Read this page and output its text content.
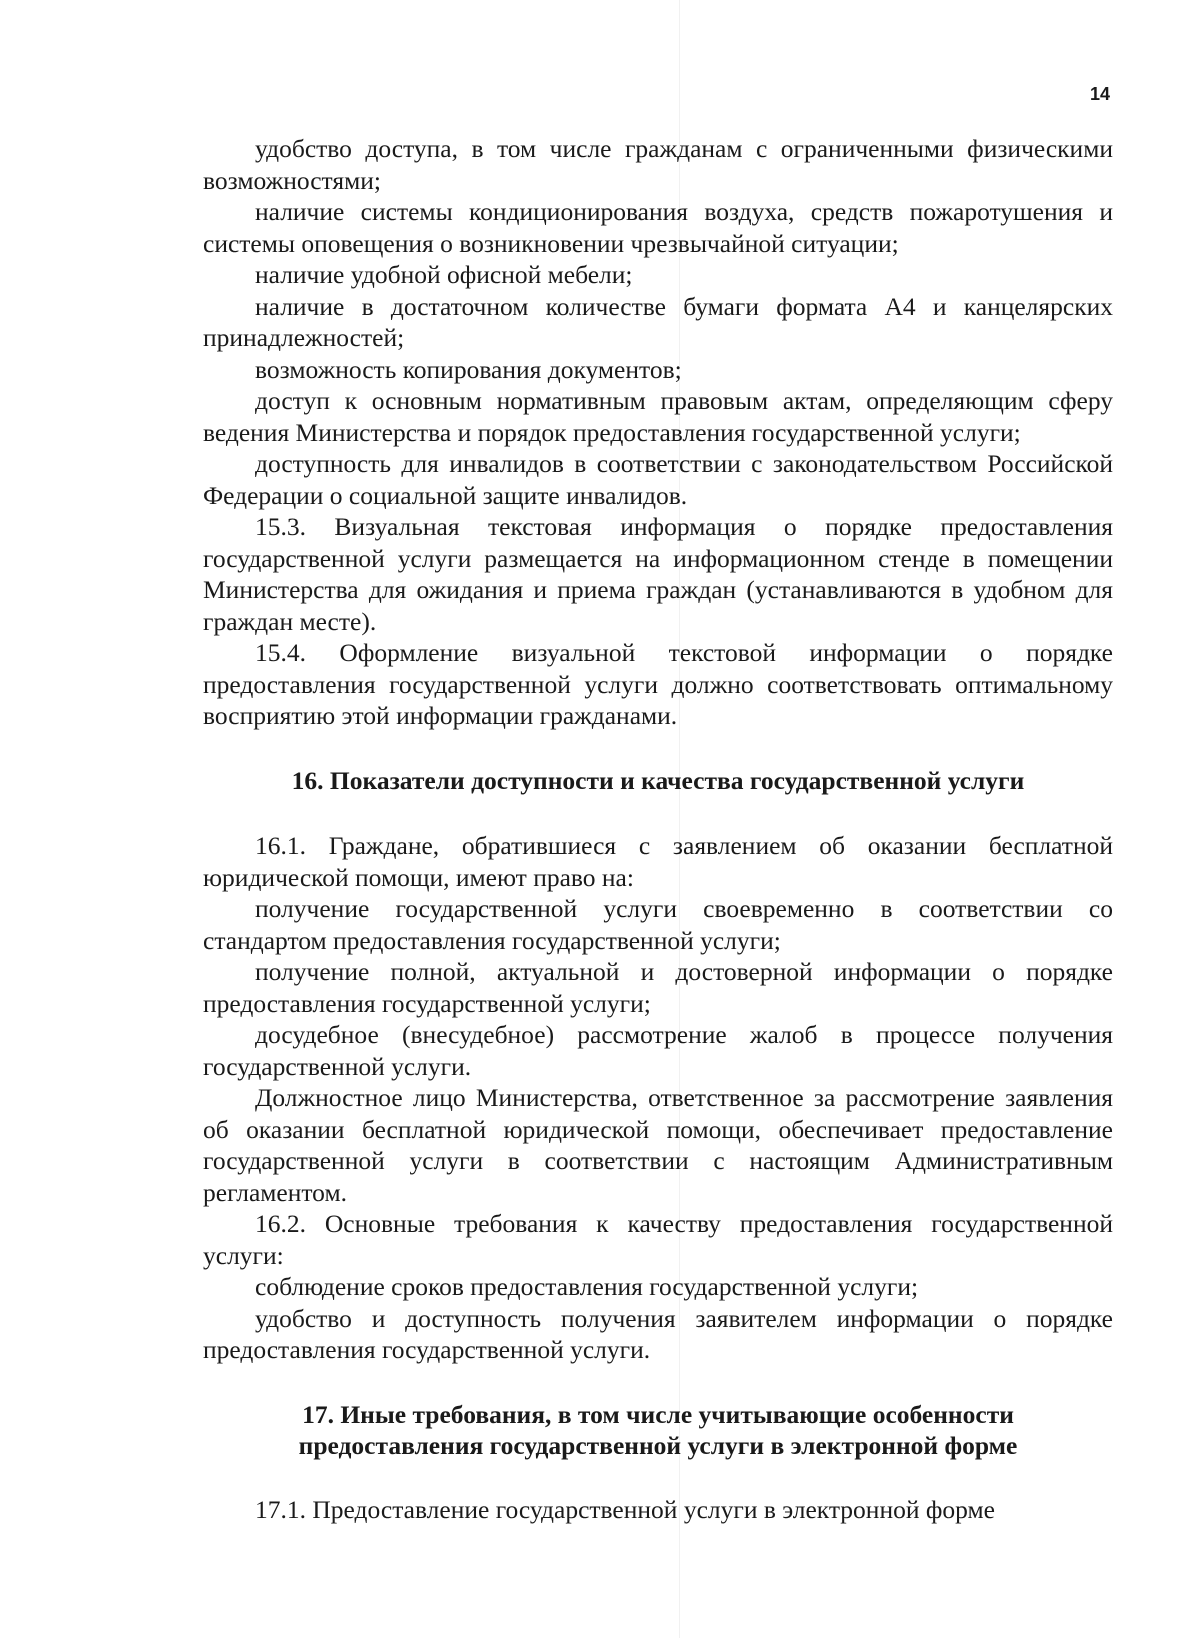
14

удобство доступа, в том числе гражданам с ограниченными физическими возможностями;

наличие системы кондиционирования воздуха, средств пожаротушения и системы оповещения о возникновении чрезвычайной ситуации;

наличие удобной офисной мебели;

наличие в достаточном количестве бумаги формата А4 и канцелярских принадлежностей;

возможность копирования документов;

доступ к основным нормативным правовым актам, определяющим сферу ведения Министерства и порядок предоставления государственной услуги;

доступность для инвалидов в соответствии с законодательством Российской Федерации о социальной защите инвалидов.

15.3. Визуальная текстовая информация о порядке предоставления государственной услуги размещается на информационном стенде в помещении Министерства для ожидания и приема граждан (устанавливаются в удобном для граждан месте).

15.4. Оформление визуальной текстовой информации о порядке предоставления государственной услуги должно соответствовать оптимальному восприятию этой информации гражданами.

16. Показатели доступности и качества государственной услуги

16.1. Граждане, обратившиеся с заявлением об оказании бесплатной юридической помощи, имеют право на:

получение государственной услуги своевременно в соответствии со стандартом предоставления государственной услуги;

получение полной, актуальной и достоверной информации о порядке предоставления государственной услуги;

досудебное (внесудебное) рассмотрение жалоб в процессе получения государственной услуги.

Должностное лицо Министерства, ответственное за рассмотрение заявления об оказании бесплатной юридической помощи, обеспечивает предоставление государственной услуги в соответствии с настоящим Административным регламентом.

16.2. Основные требования к качеству предоставления государственной услуги:

соблюдение сроков предоставления государственной услуги;

удобство и доступность получения заявителем информации о порядке предоставления государственной услуги.

17. Иные требования, в том числе учитывающие особенности
предоставления государственной услуги в электронной форме

17.1. Предоставление государственной услуги в электронной форме
